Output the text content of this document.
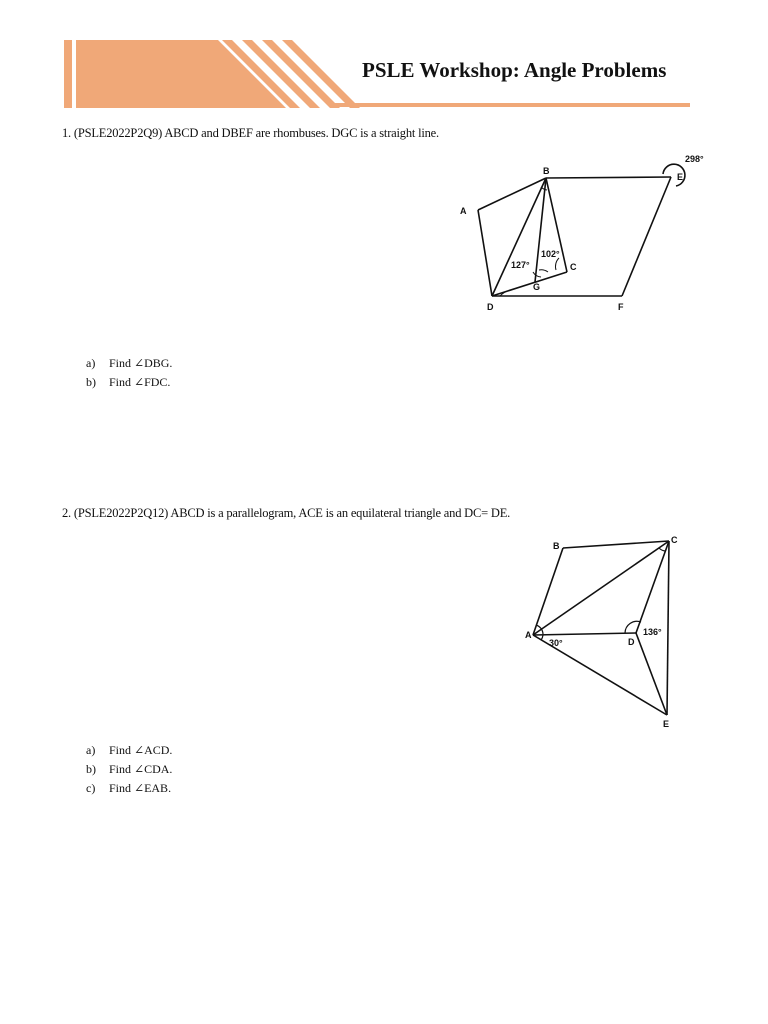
PSLE Workshop: Angle Problems
1. (PSLE2022P2Q9) ABCD and DBEF are rhombuses. DGC is a straight line.
A
B
C
D
E
F
G
127°
102°
298°
a) Find ∠DBG.
b) Find ∠FDC.
2. (PSLE2022P2Q12) ABCD is a parallelogram, ACE is an equilateral triangle and DC= DE.
A
B
C
D
E
30°
136°
a) Find ∠ACD.
b) Find ∠CDA.
c) Find ∠EAB.
